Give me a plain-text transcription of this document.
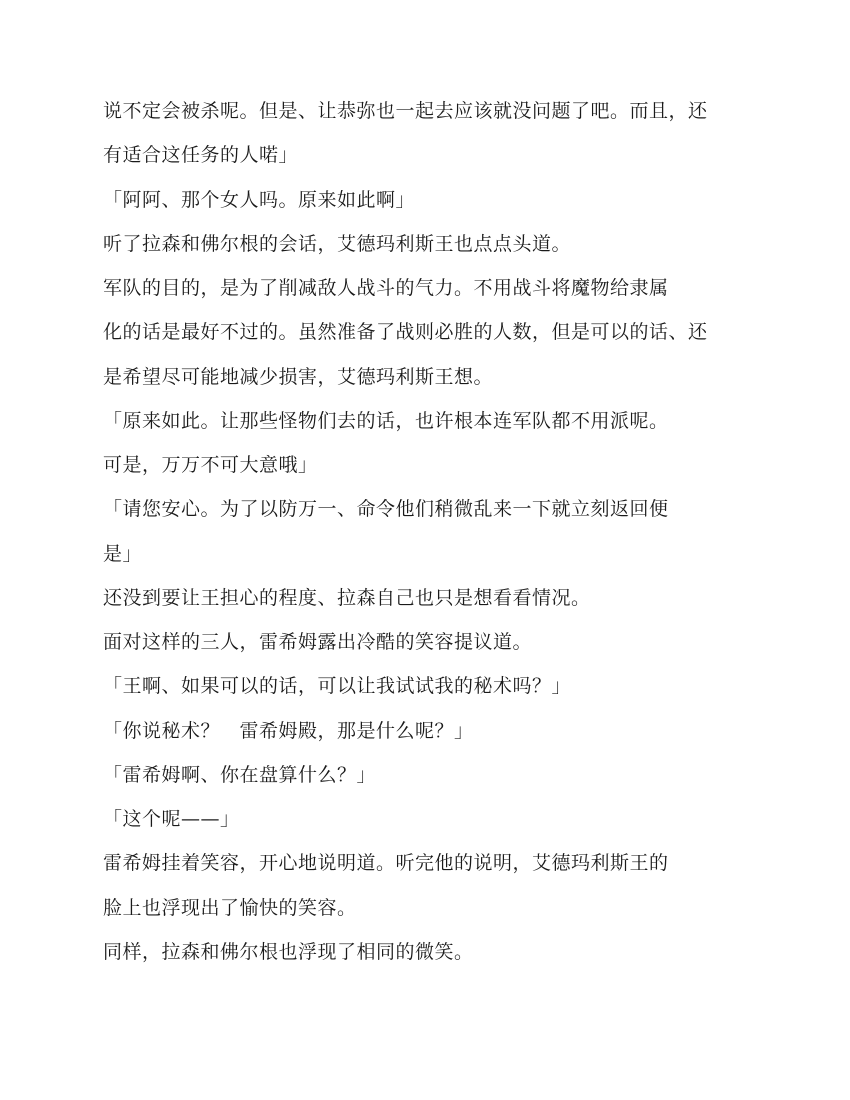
说不定会被杀呢。但是、让恭弥也一起去应该就没问题了吧。而且，还
有适合这任务的人喏」
「阿阿、那个女人吗。原来如此啊」
听了拉森和佛尔根的会话，艾德玛利斯王也点点头道。
军队的目的，是为了削减敌人战斗的气力。不用战斗将魔物给隶属
化的话是最好不过的。虽然准备了战则必胜的人数，但是可以的话、还
是希望尽可能地减少损害，艾德玛利斯王想。
「原来如此。让那些怪物们去的话，也许根本连军队都不用派呢。
可是，万万不可大意哦」
「请您安心。为了以防万一、命令他们稍微乱来一下就立刻返回便
是」
还没到要让王担心的程度、拉森自己也只是想看看情况。
面对这样的三人，雷希姆露出冷酷的笑容提议道。
「王啊、如果可以的话，可以让我试试我的秘术吗？」
「你说秘术？　雷希姆殿，那是什么呢？」
「雷希姆啊、你在盘算什么？」
「这个呢——」
雷希姆挂着笑容，开心地说明道。听完他的说明，艾德玛利斯王的
脸上也浮现出了愉快的笑容。
同样，拉森和佛尔根也浮现了相同的微笑。
